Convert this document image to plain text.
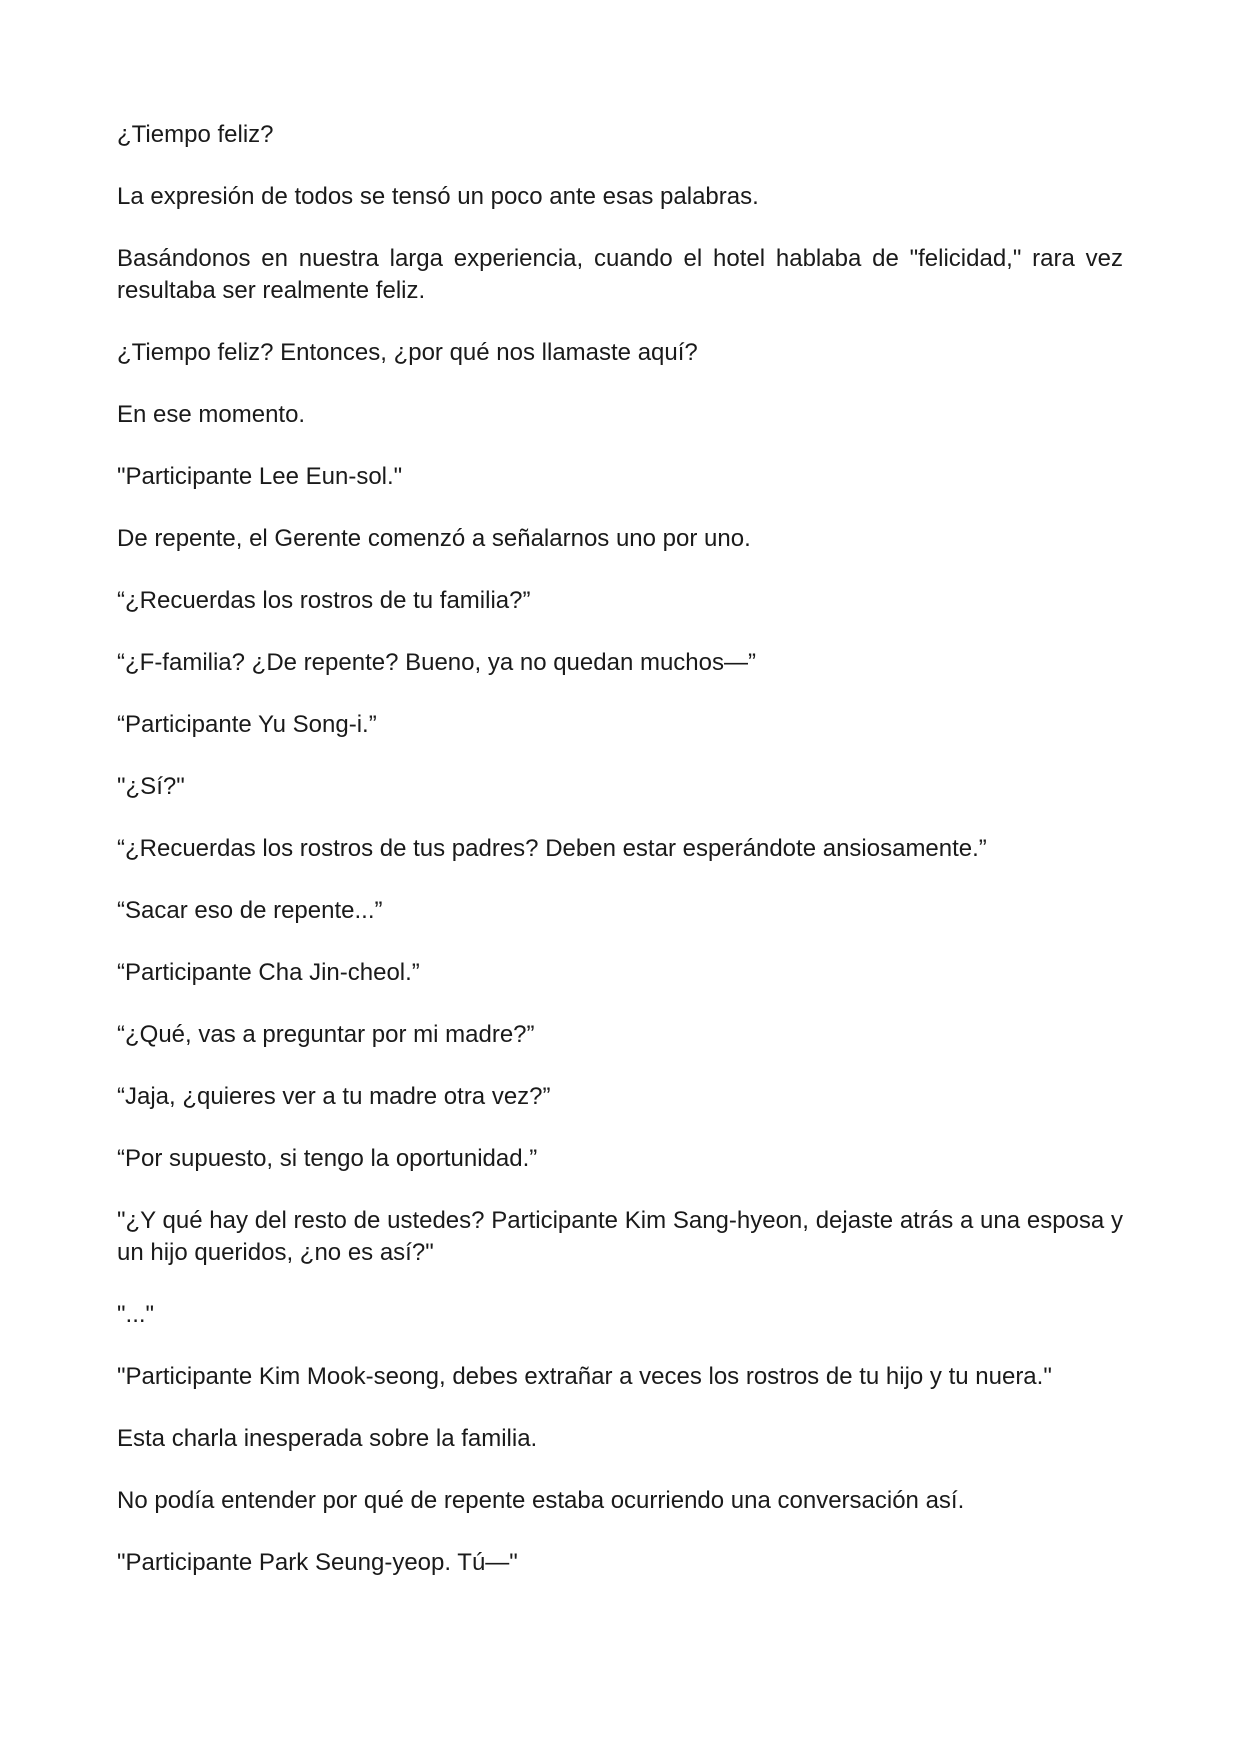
¿Tiempo feliz?

La expresión de todos se tensó un poco ante esas palabras.

Basándonos en nuestra larga experiencia, cuando el hotel hablaba de "felicidad," rara vez resultaba ser realmente feliz.

¿Tiempo feliz? Entonces, ¿por qué nos llamaste aquí?

En ese momento.

"Participante Lee Eun-sol."

De repente, el Gerente comenzó a señalarnos uno por uno.

“¿Recuerdas los rostros de tu familia?”

“¿F-familia? ¿De repente? Bueno, ya no quedan muchos—”

“Participante Yu Song-i.”

"¿Sí?"

“¿Recuerdas los rostros de tus padres? Deben estar esperándote ansiosamente.”

“Sacar eso de repente...”

“Participante Cha Jin-cheol.”

“¿Qué, vas a preguntar por mi madre?”

“Jaja, ¿quieres ver a tu madre otra vez?”

“Por supuesto, si tengo la oportunidad.”

"¿Y qué hay del resto de ustedes? Participante Kim Sang-hyeon, dejaste atrás a una esposa y un hijo queridos, ¿no es así?"

"..."

"Participante Kim Mook-seong, debes extrañar a veces los rostros de tu hijo y tu nuera."

Esta charla inesperada sobre la familia.

No podía entender por qué de repente estaba ocurriendo una conversación así.

"Participante Park Seung-yeop. Tú—"
